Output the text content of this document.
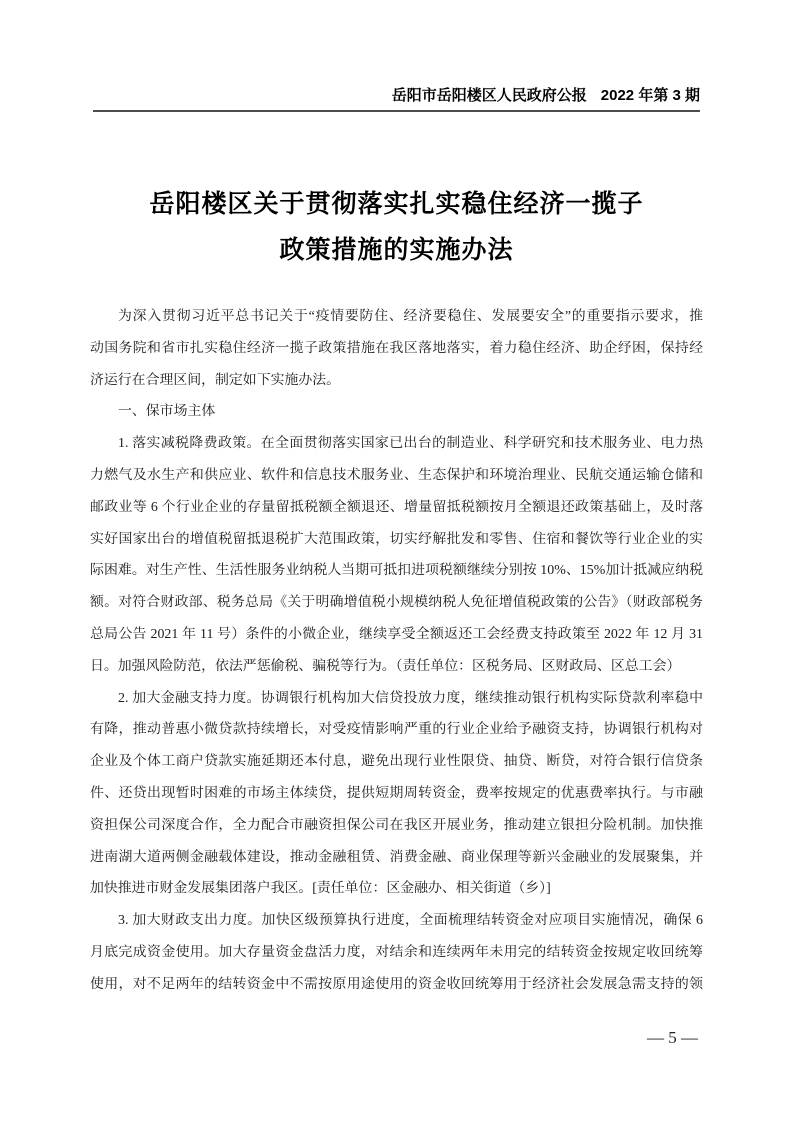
岳阳市岳阳楼区人民政府公报 2022 年第 3 期
岳阳楼区关于贯彻落实扎实稳住经济一揽子
政策措施的实施办法
为深入贯彻习近平总书记关于“疫情要防住、经济要稳住、发展要安全”的重要指示要求，推
动国务院和省市扎实稳住经济一揽子政策措施在我区落地落实，着力稳住经济、助企纾困，保持经
济运行在合理区间，制定如下实施办法。
一、保市场主体
1. 落实减税降费政策。在全面贯彻落实国家已出台的制造业、科学研究和技术服务业、电力热
力燃气及水生产和供应业、软件和信息技术服务业、生态保护和环境治理业、民航交通运输仓储和
邮政业等 6 个行业企业的存量留抵税额全额退还、增量留抵税额按月全额退还政策基础上，及时落
实好国家出台的增值税留抵退税扩大范围政策，切实纾解批发和零售、住宿和餐饮等行业企业的实
际困难。对生产性、生活性服务业纳税人当期可抵扣进项税额继续分别按 10%、15%加计抵减应纳税
额。对符合财政部、税务总局《关于明确增值税小规模纳税人免征增值税政策的公告》（财政部税务
总局公告 2021 年 11 号）条件的小微企业，继续享受全额返还工会经费支持政策至 2022 年 12 月 31
日。加强风险防范，依法严惩偷税、骗税等行为。（责任单位：区税务局、区财政局、区总工会）
2. 加大金融支持力度。协调银行机构加大信贷投放力度，继续推动银行机构实际贷款利率稳中
有降，推动普惠小微贷款持续增长，对受疫情影响严重的行业企业给予融资支持，协调银行机构对
企业及个体工商户贷款实施延期还本付息，避免出现行业性限贷、抽贷、断贷，对符合银行信贷条
件、还贷出现暂时困难的市场主体续贷，提供短期周转资金，费率按规定的优惠费率执行。与市融
资担保公司深度合作，全力配合市融资担保公司在我区开展业务，推动建立银担分险机制。加快推
进南湖大道两侧金融载体建设，推动金融租赁、消费金融、商业保理等新兴金融业的发展聚集，并
加快推进市财金发展集团落户我区。[责任单位：区金融办、相关街道（乡）]
3. 加大财政支出力度。加快区级预算执行进度，全面梳理结转资金对应项目实施情况，确保 6
月底完成资金使用。加大存量资金盘活力度，对结余和连续两年未用完的结转资金按规定收回统筹
使用，对不足两年的结转资金中不需按原用途使用的资金收回统筹用于经济社会发展急需支持的领
— 5 —
